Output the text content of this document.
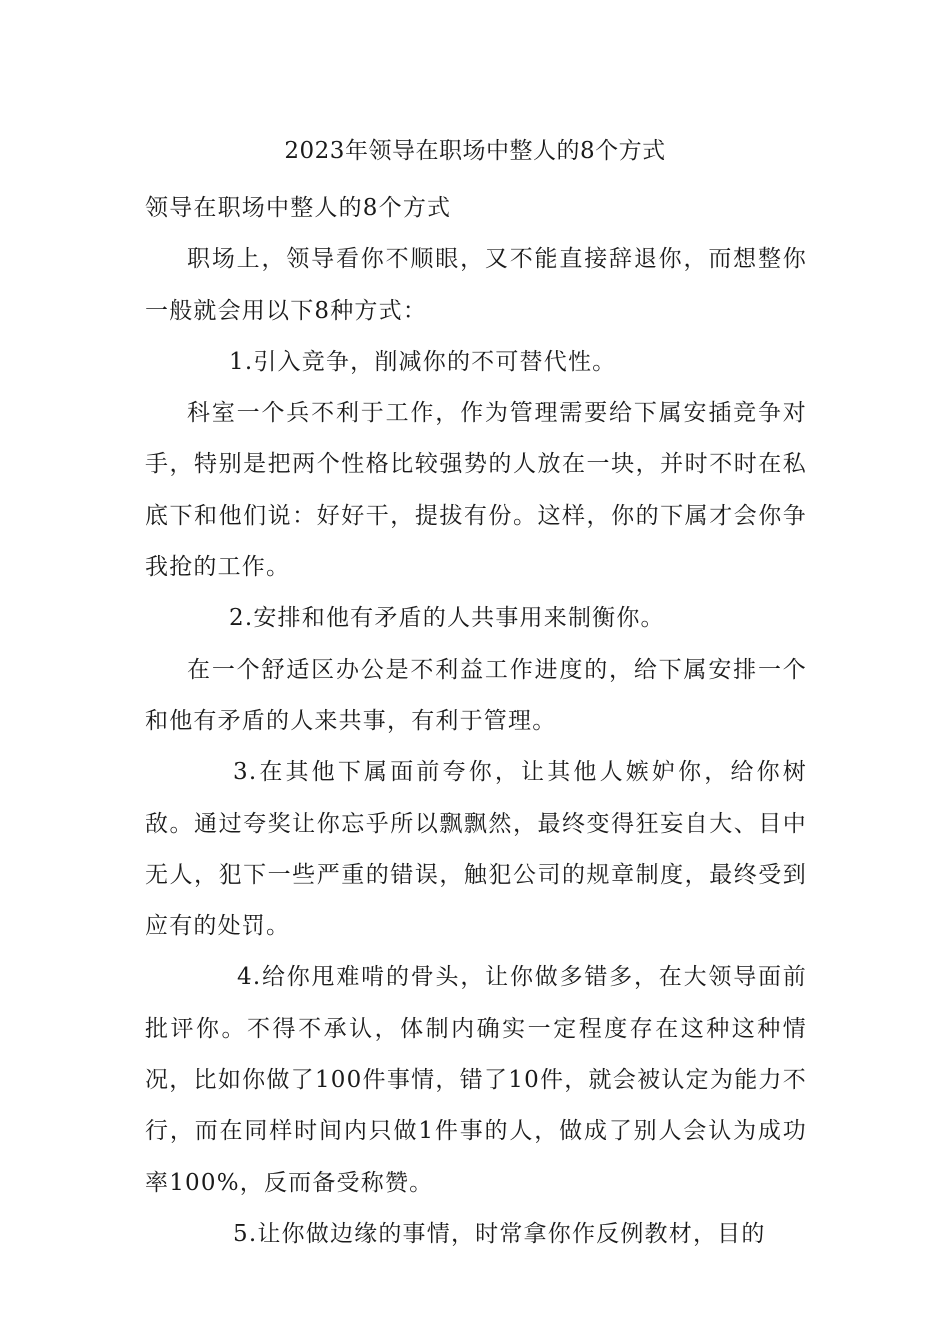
2023年领导在职场中整人的8个方式

领导在职场中整人的8个方式

职场上，领导看你不顺眼，又不能直接辞退你，而想整你一般就会用以下8种方式：

1.引入竞争，削减你的不可替代性。

科室一个兵不利于工作，作为管理需要给下属安插竞争对手，特别是把两个性格比较强势的人放在一块，并时不时在私底下和他们说：好好干，提拔有份。这样，你的下属才会你争我抢的工作。

2.安排和他有矛盾的人共事用来制衡你。

在一个舒适区办公是不利益工作进度的，给下属安排一个和他有矛盾的人来共事，有利于管理。

3.在其他下属面前夸你，让其他人嫉妒你，给你树敌。通过夸奖让你忘乎所以飘飘然，最终变得狂妄自大、目中无人，犯下一些严重的错误，触犯公司的规章制度，最终受到应有的处罚。

4.给你甩难啃的骨头，让你做多错多，在大领导面前批评你。不得不承认，体制内确实一定程度存在这种这种情况，比如你做了100件事情，错了10件，就会被认定为能力不行，而在同样时间内只做1件事的人，做成了别人会认为成功率100%，反而备受称赞。

5.让你做边缘的事情，时常拿你作反例教材，目的
